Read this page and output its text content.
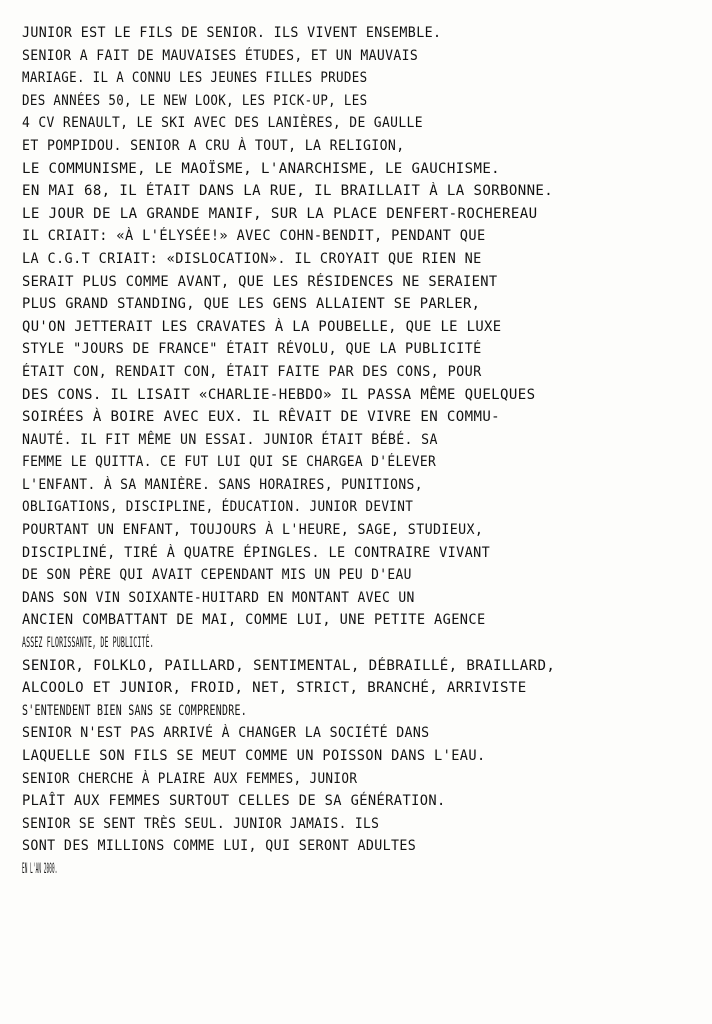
JUNIOR EST LE FILS DE SENIOR. ILS VIVENT ENSEMBLE.
SENIOR A FAIT DE MAUVAISES ÉTUDES, ET UN MAUVAIS
MARIAGE. IL A CONNU LES JEUNES FILLES PRUDES
DES ANNÉES 50, LE NEW LOOK, LES PICK-UP, LES
4 CV RENAULT, LE SKI AVEC DES LANIÈRES, DE GAULLE
ET POMPIDOU. SENIOR A CRU À TOUT, LA RELIGION,
LE COMMUNISME, LE MAOÏSME, L'ANARCHISME, LE GAUCHISME.
EN MAI 68, IL ÉTAIT DANS LA RUE, IL BRAILLAIT À LA SORBONNE.
LE JOUR DE LA GRANDE MANIF, SUR LA PLACE DENFERT-ROCHEREAU
IL CRIAIT: «À L'ÉLYSÉE!» AVEC COHN-BENDIT, PENDANT QUE
LA C.G.T CRIAIT: «DISLOCATION». IL CROYAIT QUE RIEN NE
SERAIT PLUS COMME AVANT, QUE LES RÉSIDENCES NE SERAIENT
PLUS GRAND STANDING, QUE LES GENS ALLAIENT SE PARLER,
QU'ON JETTERAIT LES CRAVATES À LA POUBELLE, QUE LE LUXE
STYLE "JOURS DE FRANCE" ÉTAIT RÉVOLU, QUE LA PUBLICITÉ
ÉTAIT CON, RENDAIT CON, ÉTAIT FAITE PAR DES CONS, POUR
DES CONS. IL LISAIT «CHARLIE-HEBDO» IL PASSA MÊME QUELQUES
SOIRÉES À BOIRE AVEC EUX. IL RÊVAIT DE VIVRE EN COMMU-
NAUTÉ. IL FIT MÊME UN ESSAI. JUNIOR ÉTAIT BÉBÉ. SA
FEMME LE QUITTA. CE FUT LUI QUI SE CHARGEA D'ÉLEVER
L'ENFANT. À SA MANIÈRE. SANS HORAIRES, PUNITIONS,
OBLIGATIONS, DISCIPLINE, ÉDUCATION. JUNIOR DEVINT
POURTANT UN ENFANT, TOUJOURS À L'HEURE, SAGE, STUDIEUX,
DISCIPLINÉ, TIRÉ À QUATRE ÉPINGLES. LE CONTRAIRE VIVANT
DE SON PÈRE QUI AVAIT CEPENDANT MIS UN PEU D'EAU
DANS SON VIN SOIXANTE-HUITARD EN MONTANT AVEC UN
ANCIEN COMBATTANT DE MAI, COMME LUI, UNE PETITE AGENCE
ASSEZ FLORISSANTE, DE PUBLICITÉ.
SENIOR, FOLKLO, PAILLARD, SENTIMENTAL, DÉBRAILLÉ, BRAILLARD,
ALCOOLO ET JUNIOR, FROID, NET, STRICT, BRANCHÉ, ARRIVISTE
S'ENTENDENT BIEN SANS SE COMPRENDRE.
SENIOR N'EST PAS ARRIVÉ À CHANGER LA SOCIÉTÉ DANS
LAQUELLE SON FILS SE MEUT COMME UN POISSON DANS L'EAU.
SENIOR CHERCHE À PLAIRE AUX FEMMES, JUNIOR
PLAÎT AUX FEMMES SURTOUT CELLES DE SA GÉNÉRATION.
SENIOR SE SENT TRÈS SEUL. JUNIOR JAMAIS. ILS
SONT DES MILLIONS COMME LUI, QUI SERONT ADULTES
EN L'AN 2000.
